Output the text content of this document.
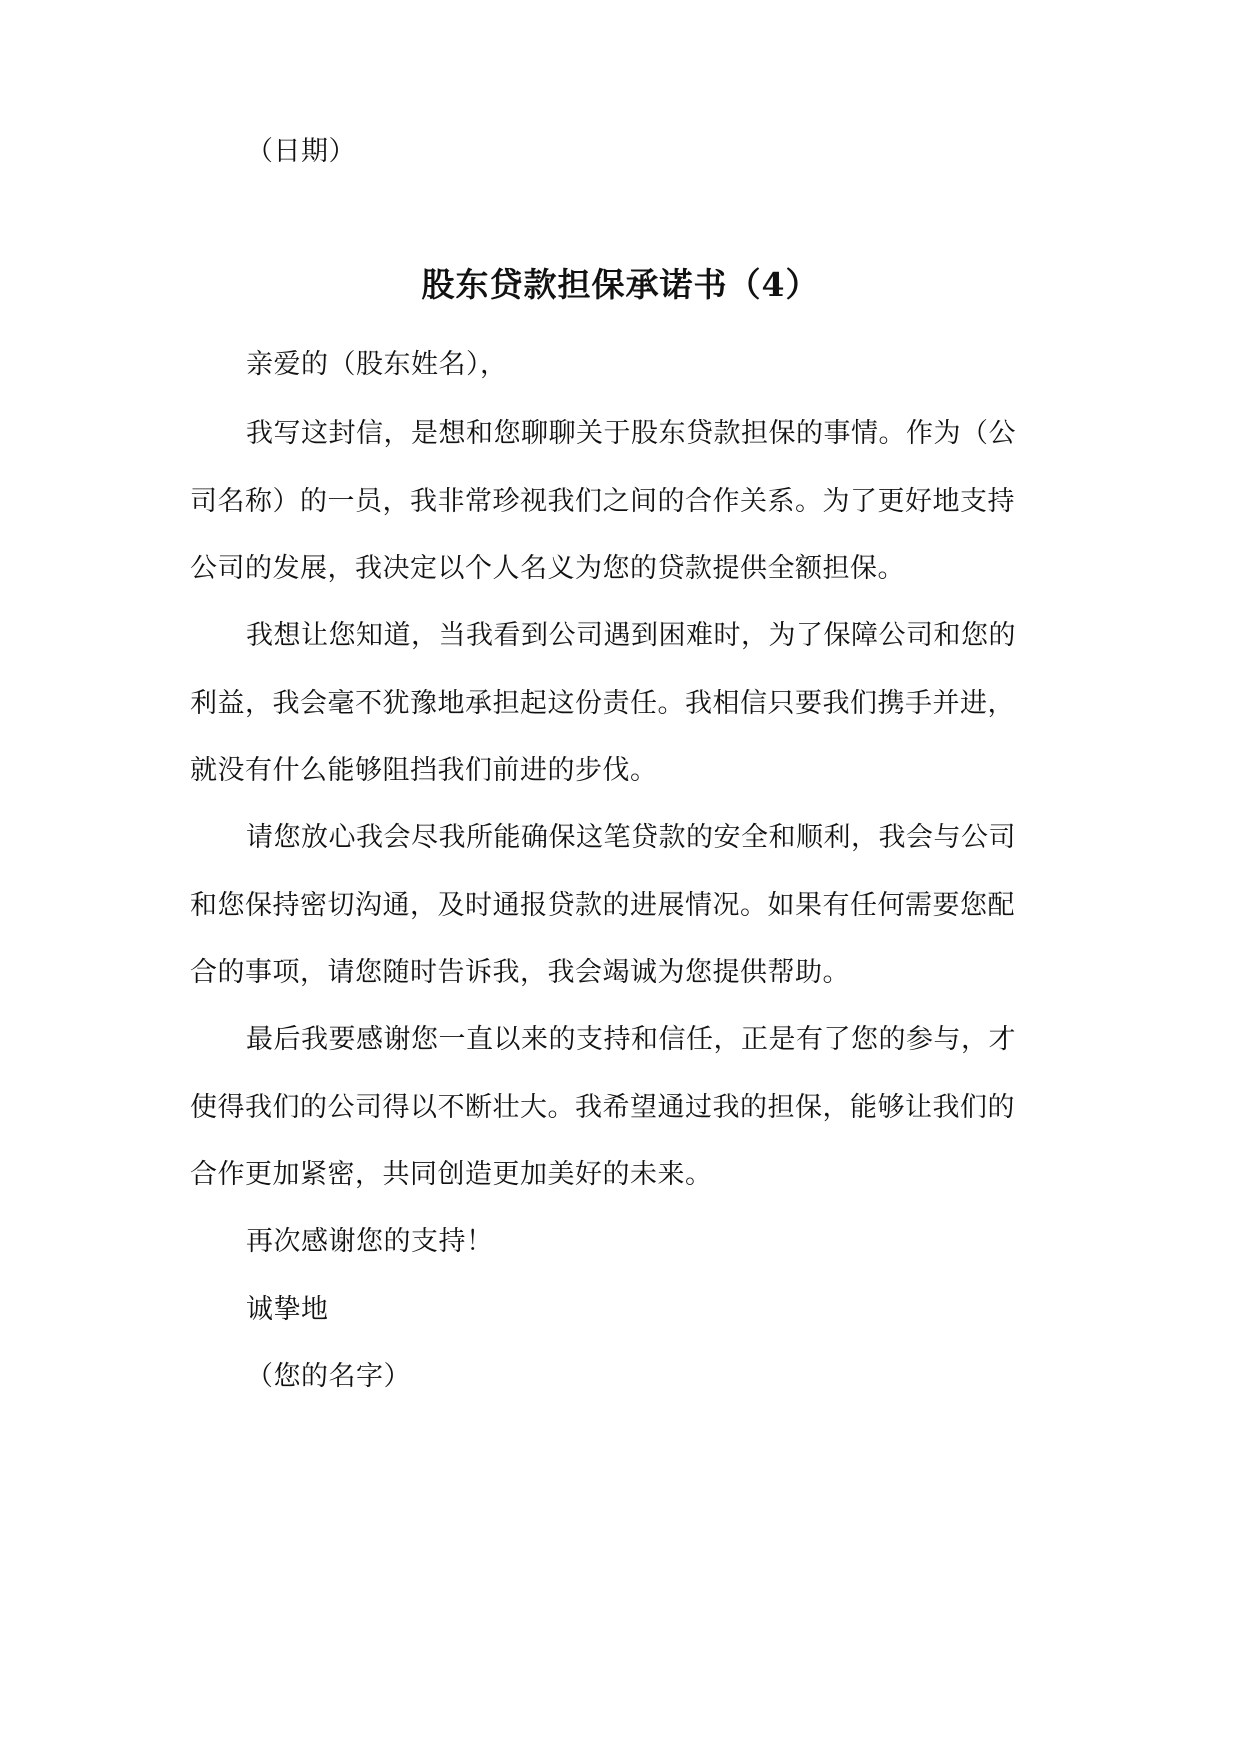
（日期）

股东贷款担保承诺书（4）

亲爱的（股东姓名），

我写这封信，是想和您聊聊关于股东贷款担保的事情。作为（公

司名称）的一员，我非常珍视我们之间的合作关系。为了更好地支持

公司的发展，我决定以个人名义为您的贷款提供全额担保。

我想让您知道，当我看到公司遇到困难时，为了保障公司和您的

利益，我会毫不犹豫地承担起这份责任。我相信只要我们携手并进，

就没有什么能够阻挡我们前进的步伐。

请您放心我会尽我所能确保这笔贷款的安全和顺利，我会与公司

和您保持密切沟通，及时通报贷款的进展情况。如果有任何需要您配

合的事项，请您随时告诉我，我会竭诚为您提供帮助。

最后我要感谢您一直以来的支持和信任，正是有了您的参与，才

使得我们的公司得以不断壮大。我希望通过我的担保，能够让我们的

合作更加紧密，共同创造更加美好的未来。

再次感谢您的支持！

诚挚地

（您的名字）
